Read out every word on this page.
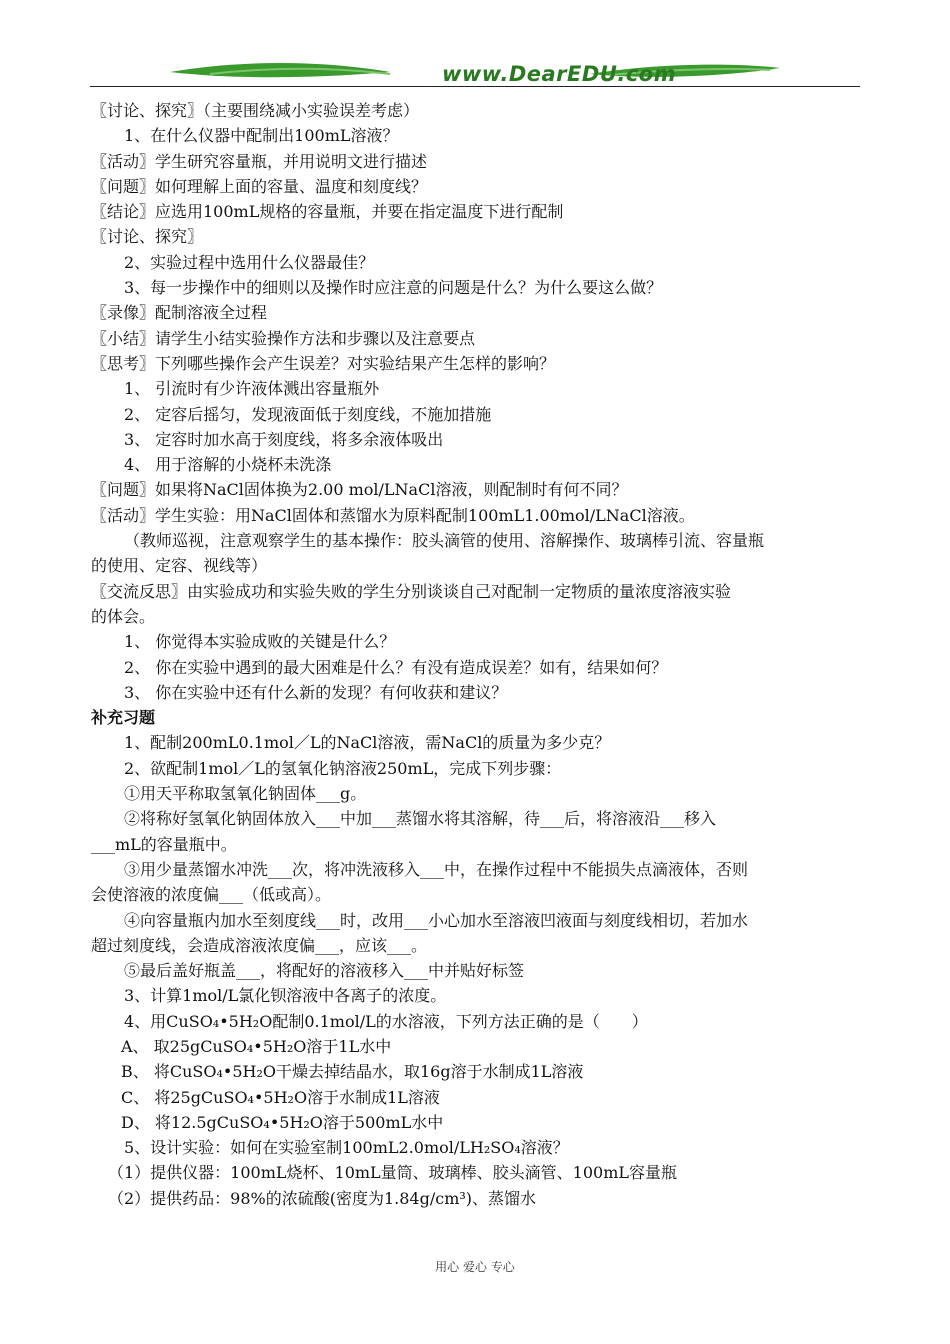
www.DearEDU.com
〖讨论、探究〗（主要围绕减小实验误差考虑）
1、在什么仪器中配制出100mL溶液？
〖活动〗学生研究容量瓶，并用说明文进行描述
〖问题〗如何理解上面的容量、温度和刻度线？
〖结论〗应选用100mL规格的容量瓶，并要在指定温度下进行配制
〖讨论、探究〗
2、实验过程中选用什么仪器最佳？
3、每一步操作中的细则以及操作时应注意的问题是什么？为什么要这么做？
〖录像〗配制溶液全过程
〖小结〗请学生小结实验操作方法和步骤以及注意要点
〖思考〗下列哪些操作会产生误差？对实验结果产生怎样的影响？
1、 引流时有少许液体溅出容量瓶外
2、 定容后摇匀，发现液面低于刻度线，不施加措施
3、 定容时加水高于刻度线，将多余液体吸出
4、 用于溶解的小烧杯未洗涤
〖问题〗如果将NaCl固体换为2.00 mol/LNaCl溶液，则配制时有何不同？
〖活动〗学生实验：用NaCl固体和蒸馏水为原料配制100mL1.00mol/LNaCl溶液。
（教师巡视，注意观察学生的基本操作：胶头滴管的使用、溶解操作、玻璃棒引流、容量瓶
的使用、定容、视线等）
〖交流反思〗由实验成功和实验失败的学生分别谈谈自己对配制一定物质的量浓度溶液实验
的体会。
1、 你觉得本实验成败的关键是什么？
2、 你在实验中遇到的最大困难是什么？有没有造成误差？如有，结果如何？
3、 你在实验中还有什么新的发现？有何收获和建议？
补充习题
1、配制200mL0.1mol／L的NaCl溶液，需NaCl的质量为多少克？
2、欲配制1mol／L的氢氧化钠溶液250mL，完成下列步骤：
①用天平称取氢氧化钠固体___g。
②将称好氢氧化钠固体放入___中加___蒸馏水将其溶解，待___后，将溶液沿___移入
___mL的容量瓶中。
③用少量蒸馏水冲洗___次，将冲洗液移入___中，在操作过程中不能损失点滴液体，否则
会使溶液的浓度偏___（低或高）。
④向容量瓶内加水至刻度线___时，改用___小心加水至溶液凹液面与刻度线相切，若加水
超过刻度线，会造成溶液浓度偏___，应该___。
⑤最后盖好瓶盖___，将配好的溶液移入___中并贴好标签
3、计算1mol/L氯化钡溶液中各离子的浓度。
4、用CuSO₄•5H₂O配制0.1mol/L的水溶液，下列方法正确的是（　　）
A、 取25gCuSO₄•5H₂O溶于1L水中
B、 将CuSO₄•5H₂O干燥去掉结晶水，取16g溶于水制成1L溶液
C、 将25gCuSO₄•5H₂O溶于水制成1L溶液
D、 将12.5gCuSO₄•5H₂O溶于500mL水中
5、设计实验：如何在实验室制100mL2.0mol/LH₂SO₄溶液？
（1）提供仪器：100mL烧杯、10mL量筒、玻璃棒、胶头滴管、100mL容量瓶
（2）提供药品：98%的浓硫酸(密度为1.84g/cm³)、蒸馏水
用心 爱心 专心
